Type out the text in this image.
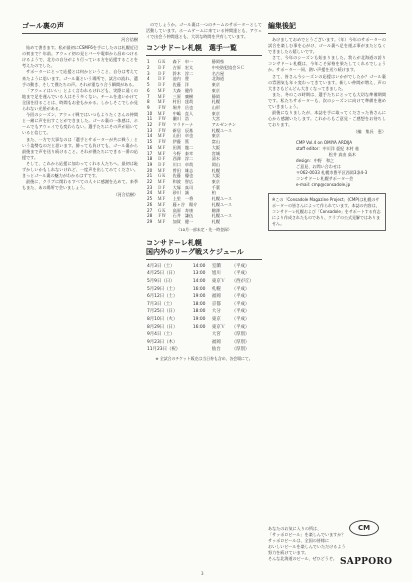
ゴール裏の声
河合信樹

始めて書きます。私が最初にCSMF6を手にしたのは札幌近辺の初まで？年前。アウェイ初の見とバーや電車から昌めつけるけるようで、北方の自分がより行っている方を応援することを考えたのでした。

サポーターにとって応援とは何かということ、自分は考えて来たように思います。ゴール裏という場所で、試合の流れ、選手の動き、そして僕たちの声。それが重なり合う瞬間がある。

「アウェイはいい」とよく言われるけれども、実際に遠くの地まで足を運んでいる人はそう多くない。チームを追いかけて全国を回ることは、時間もお金もかかる。しかしそこでしか見られない光景がある。

今回のシーズン、アウェイ戦ではいつもよりたくさんの仲間と一緒に声を出すことができました。ゴール裏の一体感は、ホームでもアウェイでも変わらない。選手たちにその声が届いていると信じて。

また、一方で大事なのは「選手とサポーターが共に戦う」という姿勢なのだと思います。勝っても負けても、ゴール裏から最後まで声を送り続けること。それが僕たちにできる一番の応援です。

そして、これから応援に加わってくれる人たちへ。最初は恥ずかしいかもしれないけれど、一度声を出してみてください。きっとゴール裏の魅力がわかるはずです。

最後に、クラブに関わるすべての人々に感謝を込めて。来季もまた、あの場所で会いましょう。

（河合信樹）

のでしょうか。ゴール裏は一つのチームのサポーターとして活動しています。ホームゲームに来ている仲間達とも、アウェイで出会う仲間達とも、大切な時間を共有しています。

コンサドーレ札幌　選手一覧
1	ＧＫ	森下　申一	静岡県
2	ＤＦ	吉原　宏太	中央防犯協会ＳＣ
3	ＤＦ	鈴木　淳二	名古屋
4	ＤＦ	池内　豊	北海道
5	ＤＦ	佐藤　洋	東京
6	ＭＦ	大森　健作	東京
7	ＭＦ	三原　廣樹	静岡
8	ＭＦ	村田　達哉	札幌
9	ＦＷ	堀井　岳也	山形
10	ＭＦ	中嶋　直人	東京
11	ＦＷ	瀬川　浩	大宮
12	ＦＷ	マラドーナ	アルゼンチン
13	ＦＷ	新居　辰基	札幌ユース
14	ＭＦ	山田　卓也	東京
15	ＦＷ	伊藤　篤	富山
16	ＭＦ	田渕　龍二	大阪
17	ＭＦ	今野　泰幸	宮城
18	ＤＦ	西澤　淳二	清水
19	ＤＦ	川口　卓哉	岡山
20	ＭＦ	曽田　雄志	札幌
21	ＧＫ	佐藤　優也	大阪
22	ＭＦ	和波　智広	東京
23	ＤＦ	大塚　真司	千葉
24	ＭＦ	砂川　誠	柏
25	ＭＦ	上里　一将	札幌ユース
26	ＭＦ	藤ヶ谷　陽介	札幌ユース
27	ＧＫ	高原　寿康	駒澤
28	ＦＷ	石井　謙伍	札幌ユース
29	ＭＦ	加賀　健一	札幌
（10月一部未定・先一時登録）
コンサドーレ札幌
国内外のリーグ戦スケジュール
4月3日（土）	14:00	室蘭	（平成）
4月25日（日）	13:00	旭川	（平成）
5月9日（日）	14:00	東京Ｖ	（西が丘）
5月29日（土）	16:00	札幌	（平成）
6月12日（土）	19:00	福岡	（平成）
7月3日（土）	18:00	京都	（平成）
7月25日（日）	18:00	大分	（平成）
8月10日（火）	19:00	東京	（平成）
8月29日（日）	16:00	東京Ｖ	（平成）
9月4日（土）		大宮	（厚別）
9月23日（木）		福岡	（厚別）
11月23日（祝）		仙台	（厚別）
※ 全試合のチケット販売は当日券も含め、各会場にて。
編集後記

あけましておめでとうございます。（年）今年のサポーターの試合を楽しむ事を心がけ、ゴール裏へ足を運ぶ事がまたとなくできましたら嬉しいです。

さて、今年のシーズンも始まりました。我らが北海道の誇りコンサドーレ札幌は、今年こそ昇格を果たしてくれるでしょうか。サポーター一同、熱い声援を送り続けます。

さて、皆さん今シーズンの応援はいかがでしたか？ゴール裏の雰囲気も年々変わってきています。新しい仲間が増え、声の大きさもどんどん大きくなってきました。

また、冬のこの時期は、選手たちにとっても大切な準備期間です。私たちサポーターも、次のシーズンに向けて準備を進めていきましょう。

最後になりましたが、本誌を手に取ってくださった皆さんに心から感謝いたします。これからもご意見・ご感想をお待ちしております。

（編　集長　恵）
CMP Vol.4 on OMIYA ARDIJA
staff editor：中川洋 亜紀 木村 桂
　　　　　　　　松井 真由 高木
design：中野　和之
ご意見、お問い合わせは
〒062-0033 札幌市豊平区西岡3条4-3
コンサドーレ札幌サポーター会
e-mail: cmp@consadole.jp
※この「Consadole Magazine Project」(CMP)は札幌のサポーターの皆さんによって作られています。本誌の内容は、コンサドーレ札幌および「Consadole」をサポートする有志により作成されたものであり、クラブの公式見解ではありません。
あなたのお気に入りの所は、
「サッポロビール」を楽しんでいますか？
サッポロビールは、全国の皆様に
おいしいビールを楽しんでいただけるよう
努力を続けています。
そんな北海道のビール、ぜひどうぞ。
CM
SAPPORO
3
